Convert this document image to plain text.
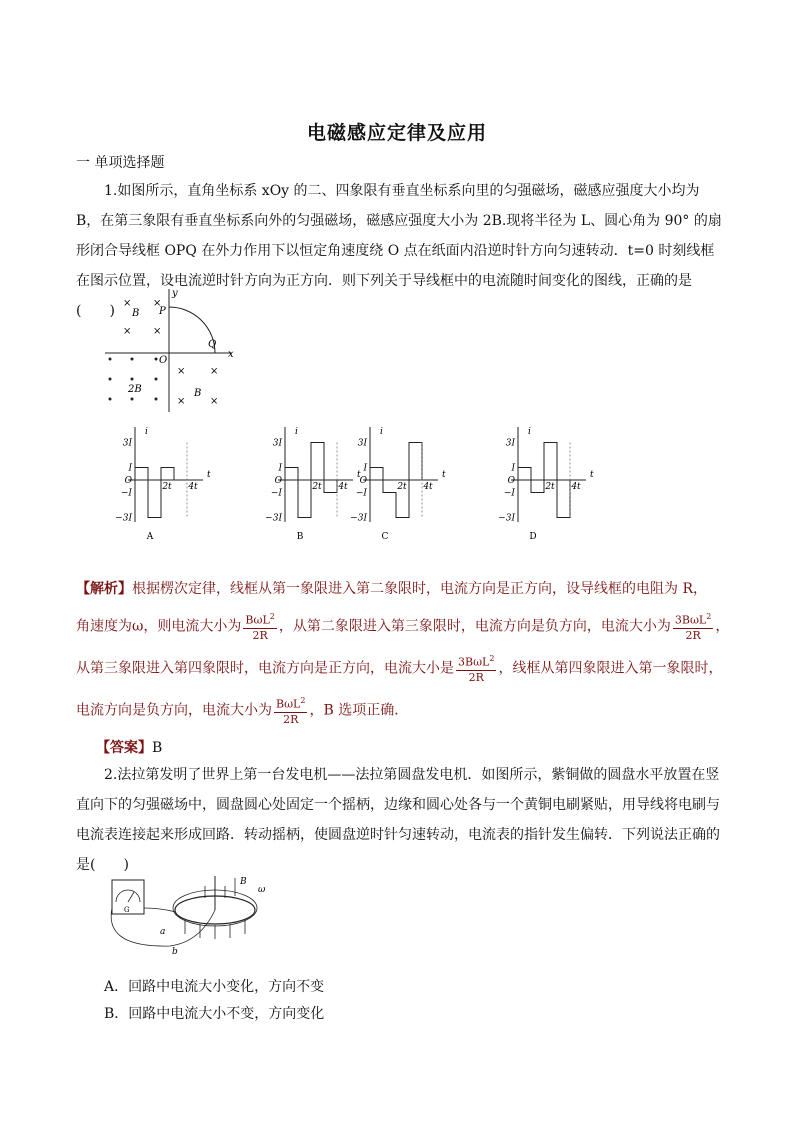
电磁感应定律及应用
一 单项选择题
1.如图所示，直角坐标系 xOy 的二、四象限有垂直坐标系向里的匀强磁场，磁感应强度大小均为 B，在第三象限有垂直坐标系向外的匀强磁场，磁感应强度大小为 2B.现将半径为 L、圆心角为 90° 的扇形闭合导线框 OPQ 在外力作用下以恒定角速度绕 O 点在纸面内沿逆时针方向匀速转动．t=0 时刻线框在图示位置，设电流逆时针方向为正方向．则下列关于导线框中的电流随时间变化的图线，正确的是(　　) × ×
× ×
×
× ×
×
y
x
O
P
Q
B
B
2B
3I
I
O
−I
−3I
i
t
2t 4t
A
3I
I
O
−I
−3I
i
t
2t 4t
B
3I
I
O
−I
−3I
i
t
2t 4t
C
3I
I
O
−I
−3I
i
t
2t 4t
D
【解析】根据楞次定律，线框从第一象限进入第二象限时，电流方向是正方向，设导线框的电阻为 R，
角速度为ω，则电流大小为 $\frac{B\omega L^2}{2R}$ ，从第二象限进入第三象限时，电流方向是负方向，电流大小为 $\frac{3B\omega L^2}{2R}$ ，
从第三象限进入第四象限时，电流方向是正方向，电流大小是 $\frac{3B\omega L^2}{2R}$ ，线框从第四象限进入第一象限时，
电流方向是负方向，电流大小为 $\frac{B\omega L^2}{2R}$ ，B 选项正确．
【答案】B
2.法拉第发明了世界上第一台发电机——法拉第圆盘发电机．如图所示，紫铜做的圆盘水平放置在竖直向下的匀强磁场中，圆盘圆心处固定一个摇柄，边缘和圆心处各与一个黄铜电刷紧贴，用导线将电刷与电流表连接起来形成回路．转动摇柄，使圆盘逆时针匀速转动，电流表的指针发生偏转．下列说法正确的是(　　)
G
B
ω
a
b
A．回路中电流大小变化，方向不变
B．回路中电流大小不变，方向变化
